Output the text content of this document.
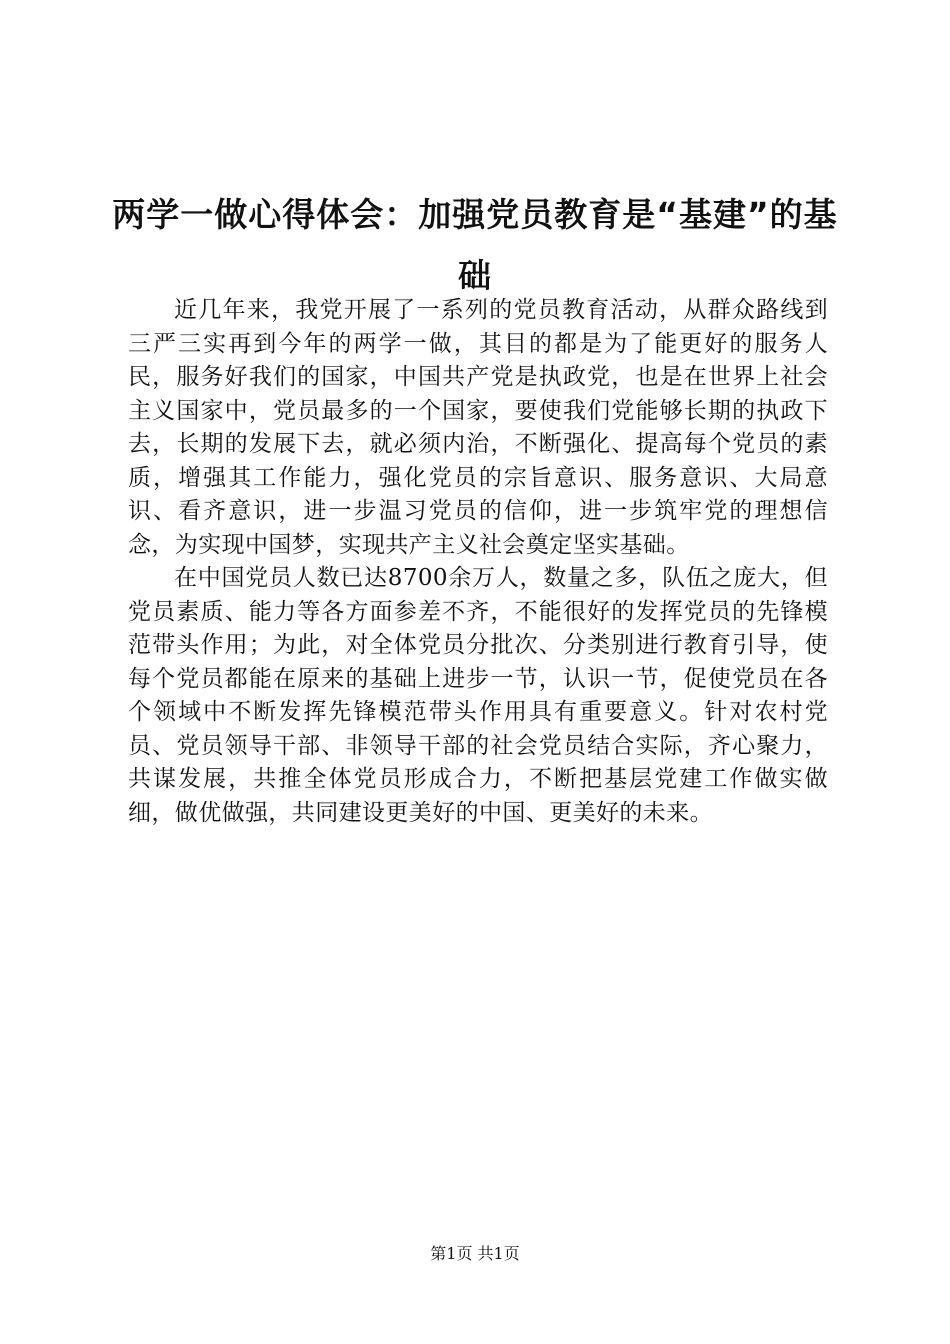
两学一做心得体会：加强党员教育是“基建”的基础

近几年来，我党开展了一系列的党员教育活动，从群众路线到三严三实再到今年的两学一做，其目的都是为了能更好的服务人民，服务好我们的国家，中国共产党是执政党，也是在世界上社会主义国家中，党员最多的一个国家，要使我们党能够长期的执政下去，长期的发展下去，就必须内治，不断强化、提高每个党员的素质，增强其工作能力，强化党员的宗旨意识、服务意识、大局意识、看齐意识，进一步温习党员的信仰，进一步筑牢党的理想信念，为实现中国梦，实现共产主义社会奠定坚实基础。

在中国党员人数已达8700余万人，数量之多，队伍之庞大，但党员素质、能力等各方面参差不齐，不能很好的发挥党员的先锋模范带头作用；为此，对全体党员分批次、分类别进行教育引导，使每个党员都能在原来的基础上进步一节，认识一节，促使党员在各个领域中不断发挥先锋模范带头作用具有重要意义。针对农村党员、党员领导干部、非领导干部的社会党员结合实际，齐心聚力，共谋发展，共推全体党员形成合力，不断把基层党建工作做实做细，做优做强，共同建设更美好的中国、更美好的未来。

第1页 共1页
